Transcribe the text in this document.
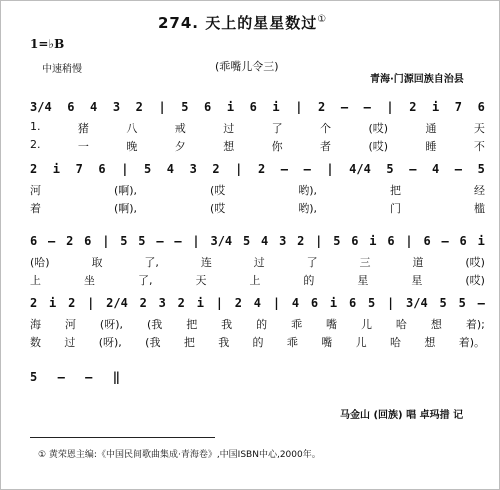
274. 天上的星星数过①
1=♭B
中速稍慢	(乖嘴儿令三)
青海·门源回族自治县
3/4 6 4 3 2 | 5 6 i 6 i | 2 – – | 2 i 7 6
1.	猪	八	戒	过	了	个	(哎)	通	天
2.	一	晚	夕	想	你	者	(哎)	睡	不
2 i 7 6 | 5 4 3 2 | 2 – – | 4/4 5 – 4 – 5
河	(啊),	(哎	哟),	把	经
着	(啊),	(哎	哟),	门	槛
6 – 2 6 | 5 5 – – | 3/4 5 4 3 2 | 5 6 i 6 | 6 – 6 i
(哈)	取	了,	连	过	了	三	道	(哎)
上	坐	了,	天	上	的	星	星	(哎)
2 i 2 | 2/4 2 3 2 i | 2 4 | 4 6 i 6 5 | 3/4 5 5 –
海 河 (呀), (我 把 我 的 乖 嘴 儿 哈 想 着);
数 过 (呀), (我 把 我 的 乖 嘴 儿 哈 想 着)。
5 – – ‖
马金山 (回族) 唱 卓玛措 记
① 黄荣恩主编:《中国民间歌曲集成·青海卷》,中国ISBN中心,2000年。
